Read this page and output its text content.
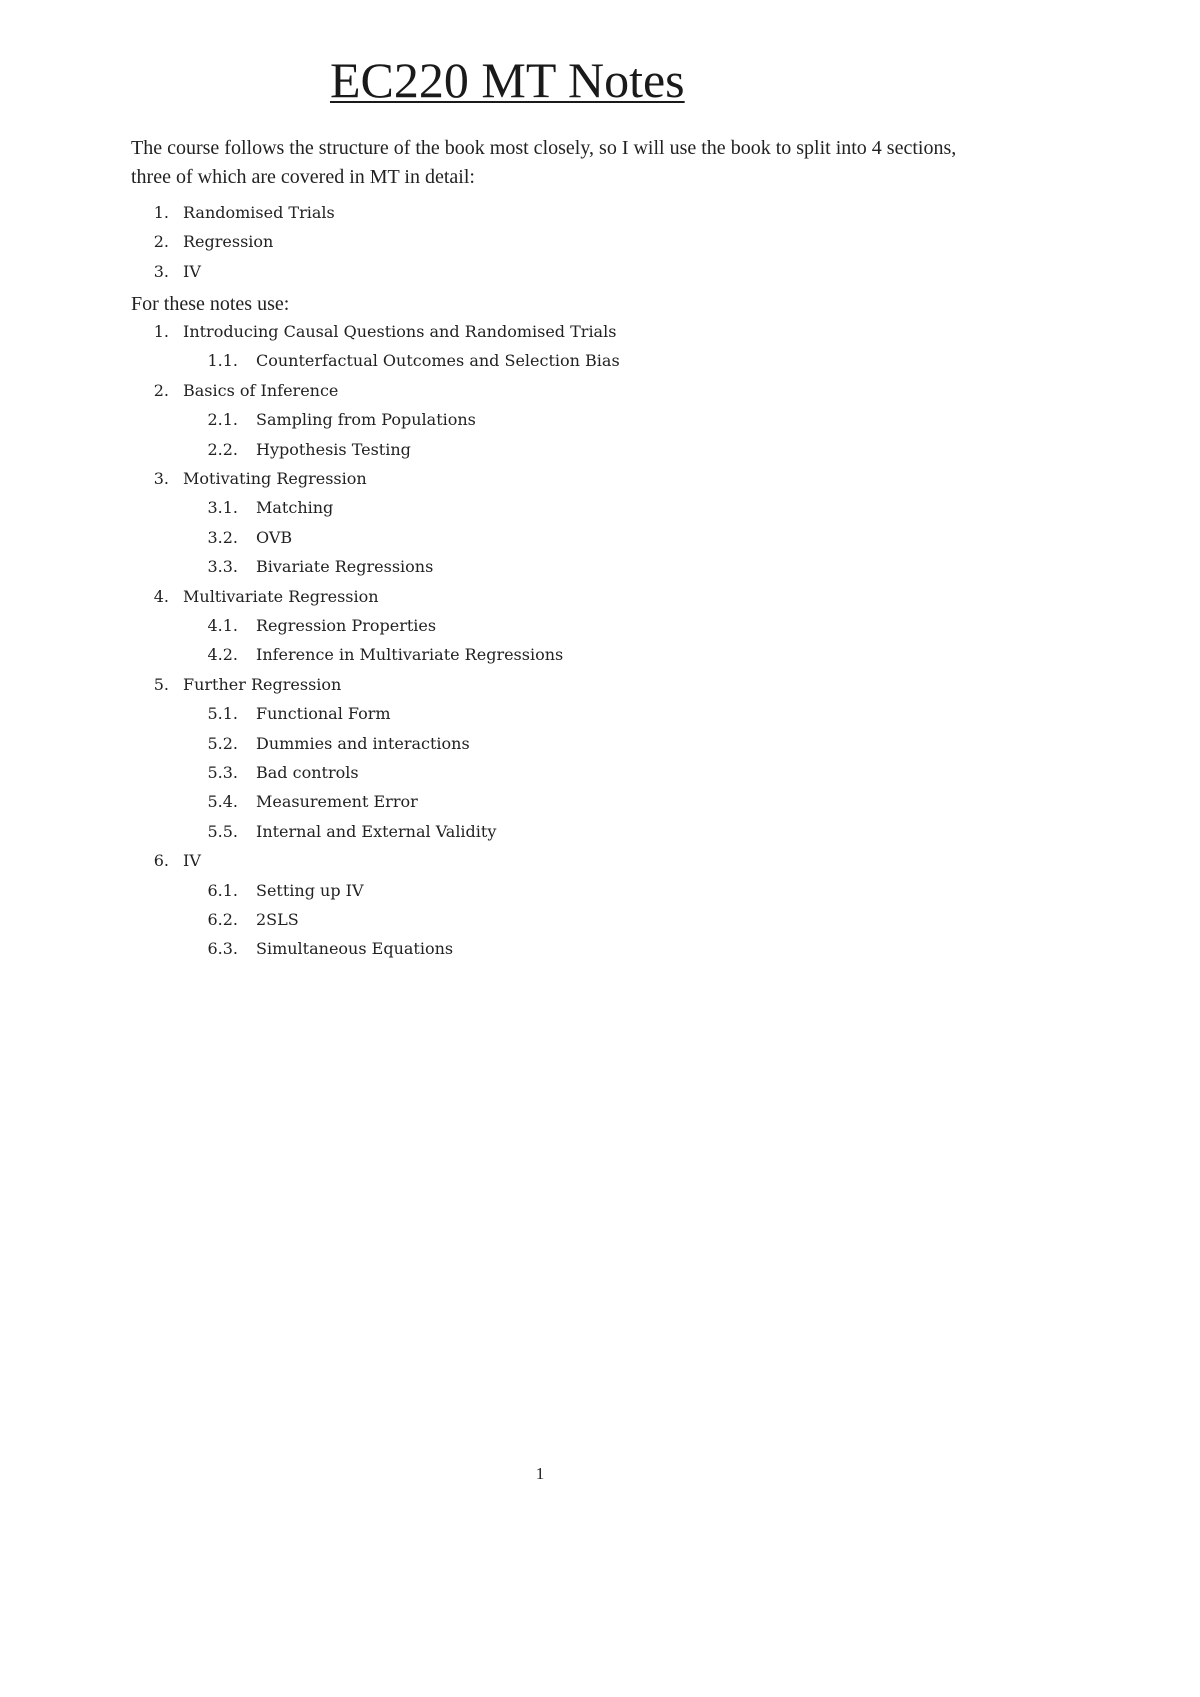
EC220 MT Notes
The course follows the structure of the book most closely, so I will use the book to split into 4 sections, three of which are covered in MT in detail:
1. Randomised Trials
2. Regression
3. IV
For these notes use:
1. Introducing Causal Questions and Randomised Trials
1.1. Counterfactual Outcomes and Selection Bias
2. Basics of Inference
2.1. Sampling from Populations
2.2. Hypothesis Testing
3. Motivating Regression
3.1. Matching
3.2. OVB
3.3. Bivariate Regressions
4. Multivariate Regression
4.1. Regression Properties
4.2. Inference in Multivariate Regressions
5. Further Regression
5.1. Functional Form
5.2. Dummies and interactions
5.3. Bad controls
5.4. Measurement Error
5.5. Internal and External Validity
6. IV
6.1. Setting up IV
6.2. 2SLS
6.3. Simultaneous Equations
1
